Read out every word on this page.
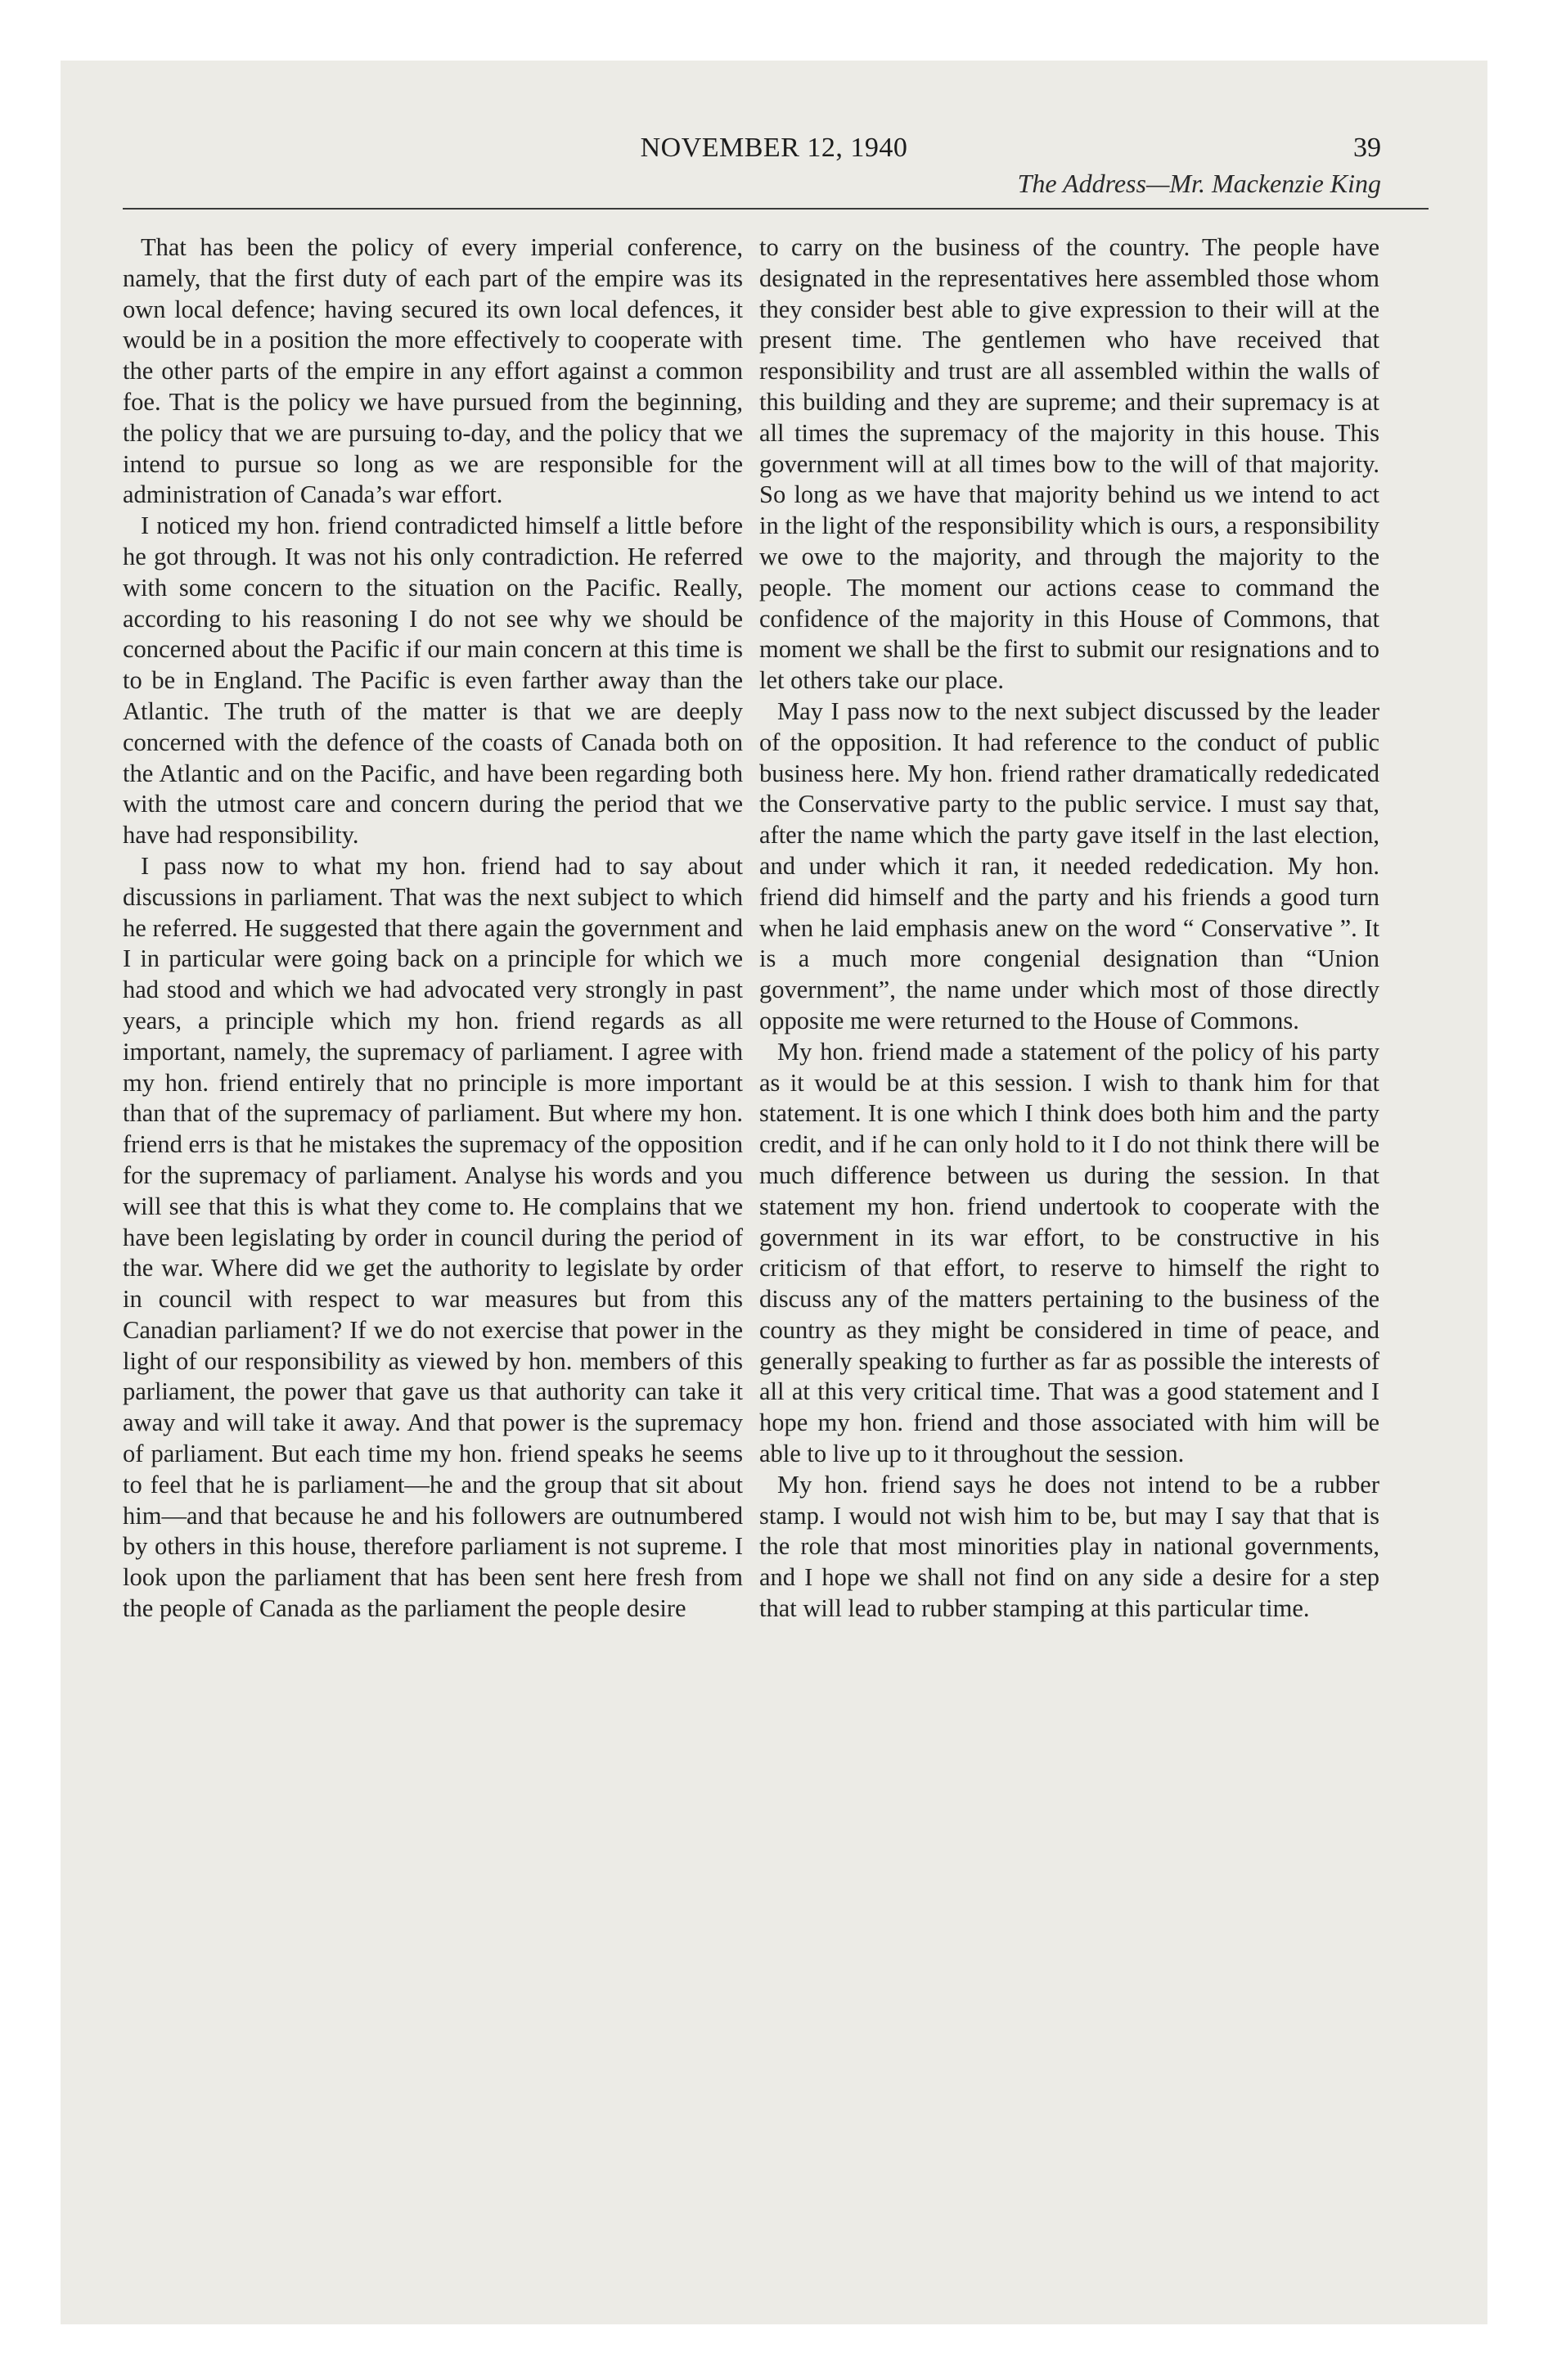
NOVEMBER 12, 1940	39
The Address—Mr. Mackenzie King

That has been the policy of every imperial conference, namely, that the first duty of each part of the empire was its own local defence; having secured its own local defences, it would be in a position the more effectively to cooperate with the other parts of the empire in any effort against a common foe. That is the policy we have pursued from the beginning, the policy that we are pursuing to-day, and the policy that we intend to pursue so long as we are responsible for the administration of Canada’s war effort.

I noticed my hon. friend contradicted himself a little before he got through. It was not his only contradiction. He referred with some concern to the situation on the Pacific. Really, according to his reasoning I do not see why we should be concerned about the Pacific if our main concern at this time is to be in England. The Pacific is even farther away than the Atlantic. The truth of the matter is that we are deeply concerned with the defence of the coasts of Canada both on the Atlantic and on the Pacific, and have been regarding both with the utmost care and concern during the period that we have had responsibility.

I pass now to what my hon. friend had to say about discussions in parliament. That was the next subject to which he referred. He suggested that there again the government and I in particular were going back on a principle for which we had stood and which we had advocated very strongly in past years, a principle which my hon. friend regards as all important, namely, the supremacy of parliament. I agree with my hon. friend entirely that no principle is more important than that of the supremacy of parliament. But where my hon. friend errs is that he mistakes the supremacy of the opposition for the supremacy of parliament. Analyse his words and you will see that this is what they come to. He complains that we have been legislating by order in council during the period of the war. Where did we get the authority to legislate by order in council with respect to war measures but from this Canadian parliament? If we do not exercise that power in the light of our responsibility as viewed by hon. members of this parliament, the power that gave us that authority can take it away and will take it away. And that power is the supremacy of parliament. But each time my hon. friend speaks he seems to feel that he is parliament—he and the group that sit about him—and that because he and his followers are outnumbered by others in this house, therefore parliament is not supreme. I look upon the parliament that has been sent here fresh from the people of Canada as the parliament the people desire

to carry on the business of the country. The people have designated in the representatives here assembled those whom they consider best able to give expression to their will at the present time. The gentlemen who have received that responsibility and trust are all assembled within the walls of this building and they are supreme; and their supremacy is at all times the supremacy of the majority in this house. This government will at all times bow to the will of that majority. So long as we have that majority behind us we intend to act in the light of the responsibility which is ours, a responsibility we owe to the majority, and through the majority to the people. The moment our actions cease to command the confidence of the majority in this House of Commons, that moment we shall be the first to submit our resignations and to let others take our place.

May I pass now to the next subject discussed by the leader of the opposition. It had reference to the conduct of public business here. My hon. friend rather dramatically rededicated the Conservative party to the public service. I must say that, after the name which the party gave itself in the last election, and under which it ran, it needed rededication. My hon. friend did himself and the party and his friends a good turn when he laid emphasis anew on the word “ Conservative ”. It is a much more congenial designation than “Union government”, the name under which most of those directly opposite me were returned to the House of Commons.

My hon. friend made a statement of the policy of his party as it would be at this session. I wish to thank him for that statement. It is one which I think does both him and the party credit, and if he can only hold to it I do not think there will be much difference between us during the session. In that statement my hon. friend undertook to cooperate with the government in its war effort, to be constructive in his criticism of that effort, to reserve to himself the right to discuss any of the matters pertaining to the business of the country as they might be considered in time of peace, and generally speaking to further as far as possible the interests of all at this very critical time. That was a good statement and I hope my hon. friend and those associated with him will be able to live up to it throughout the session.

My hon. friend says he does not intend to be a rubber stamp. I would not wish him to be, but may I say that that is the role that most minorities play in national governments, and I hope we shall not find on any side a desire for a step that will lead to rubber stamping at this particular time.
